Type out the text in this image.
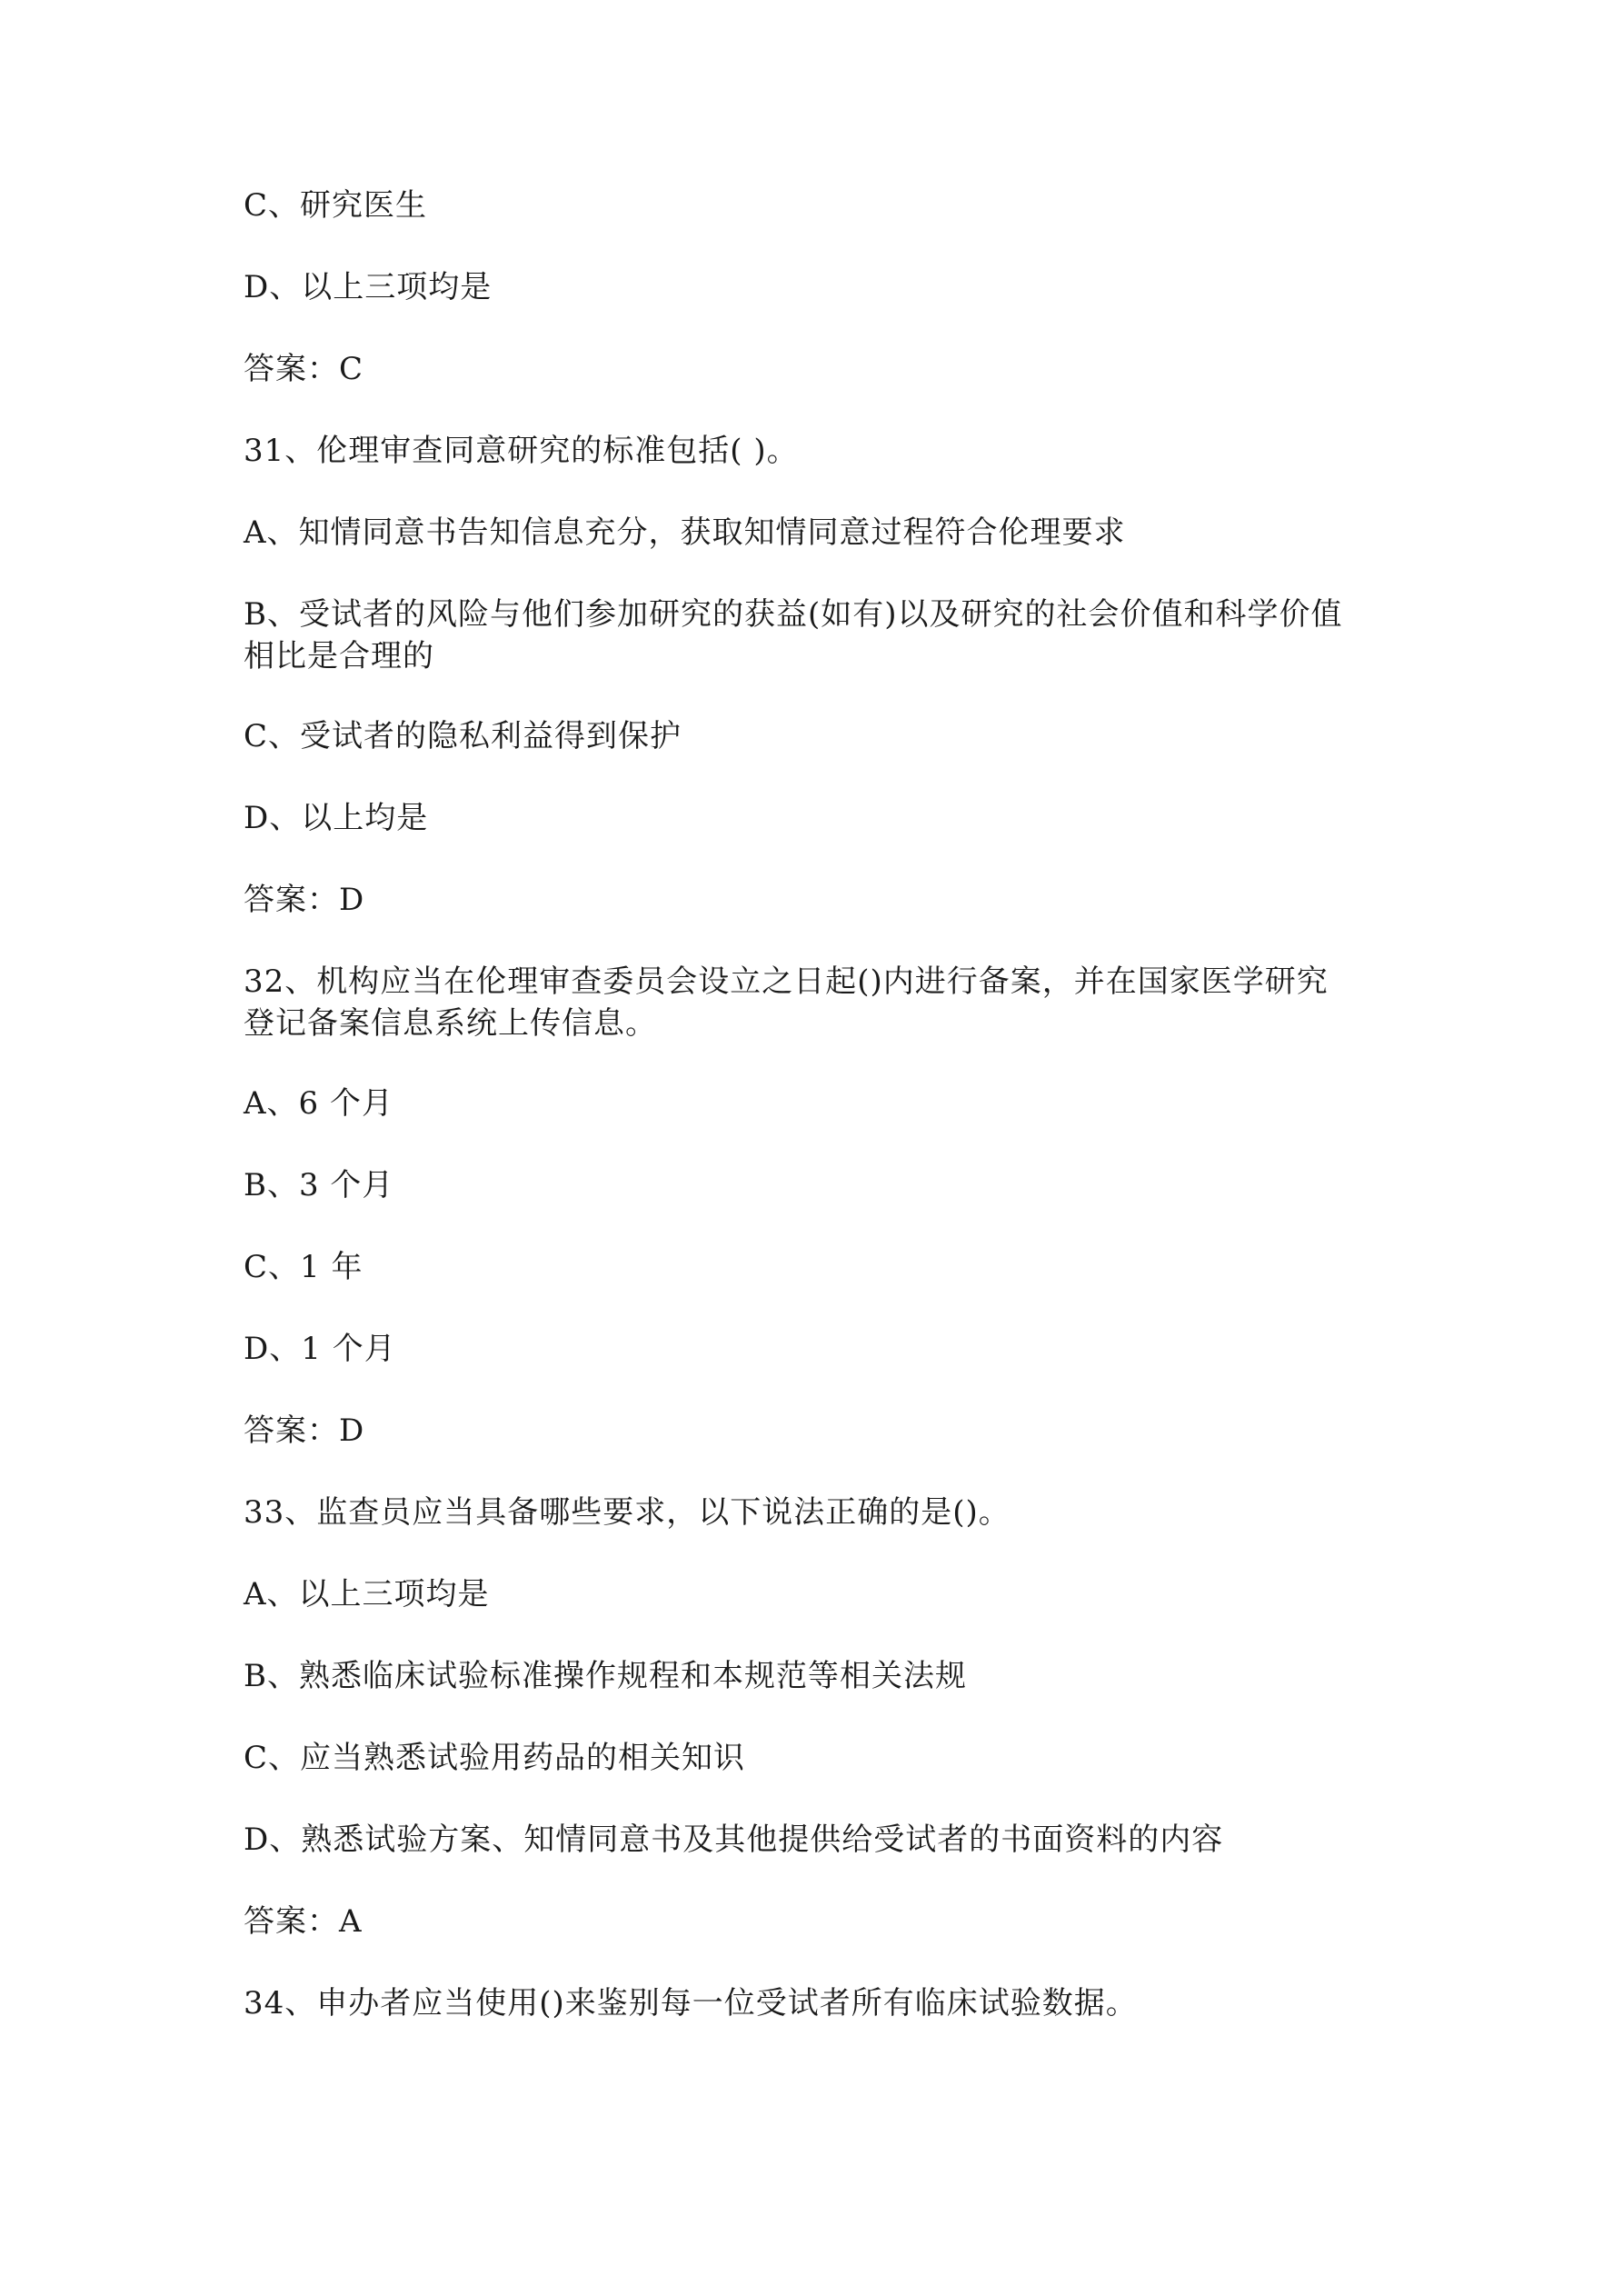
C、研究医生
D、以上三项均是
答案：C
31、伦理审查同意研究的标准包括( )。
A、知情同意书告知信息充分，获取知情同意过程符合伦理要求
B、受试者的风险与他们参加研究的获益(如有)以及研究的社会价值和科学价值
相比是合理的
C、受试者的隐私利益得到保护
D、以上均是
答案：D
32、机构应当在伦理审查委员会设立之日起()内进行备案，并在国家医学研究
登记备案信息系统上传信息。
A、6 个月
B、3 个月
C、1 年
D、1 个月
答案：D
33、监查员应当具备哪些要求，以下说法正确的是()。
A、以上三项均是
B、熟悉临床试验标准操作规程和本规范等相关法规
C、应当熟悉试验用药品的相关知识
D、熟悉试验方案、知情同意书及其他提供给受试者的书面资料的内容
答案：A
34、申办者应当使用()来鉴别每一位受试者所有临床试验数据。
